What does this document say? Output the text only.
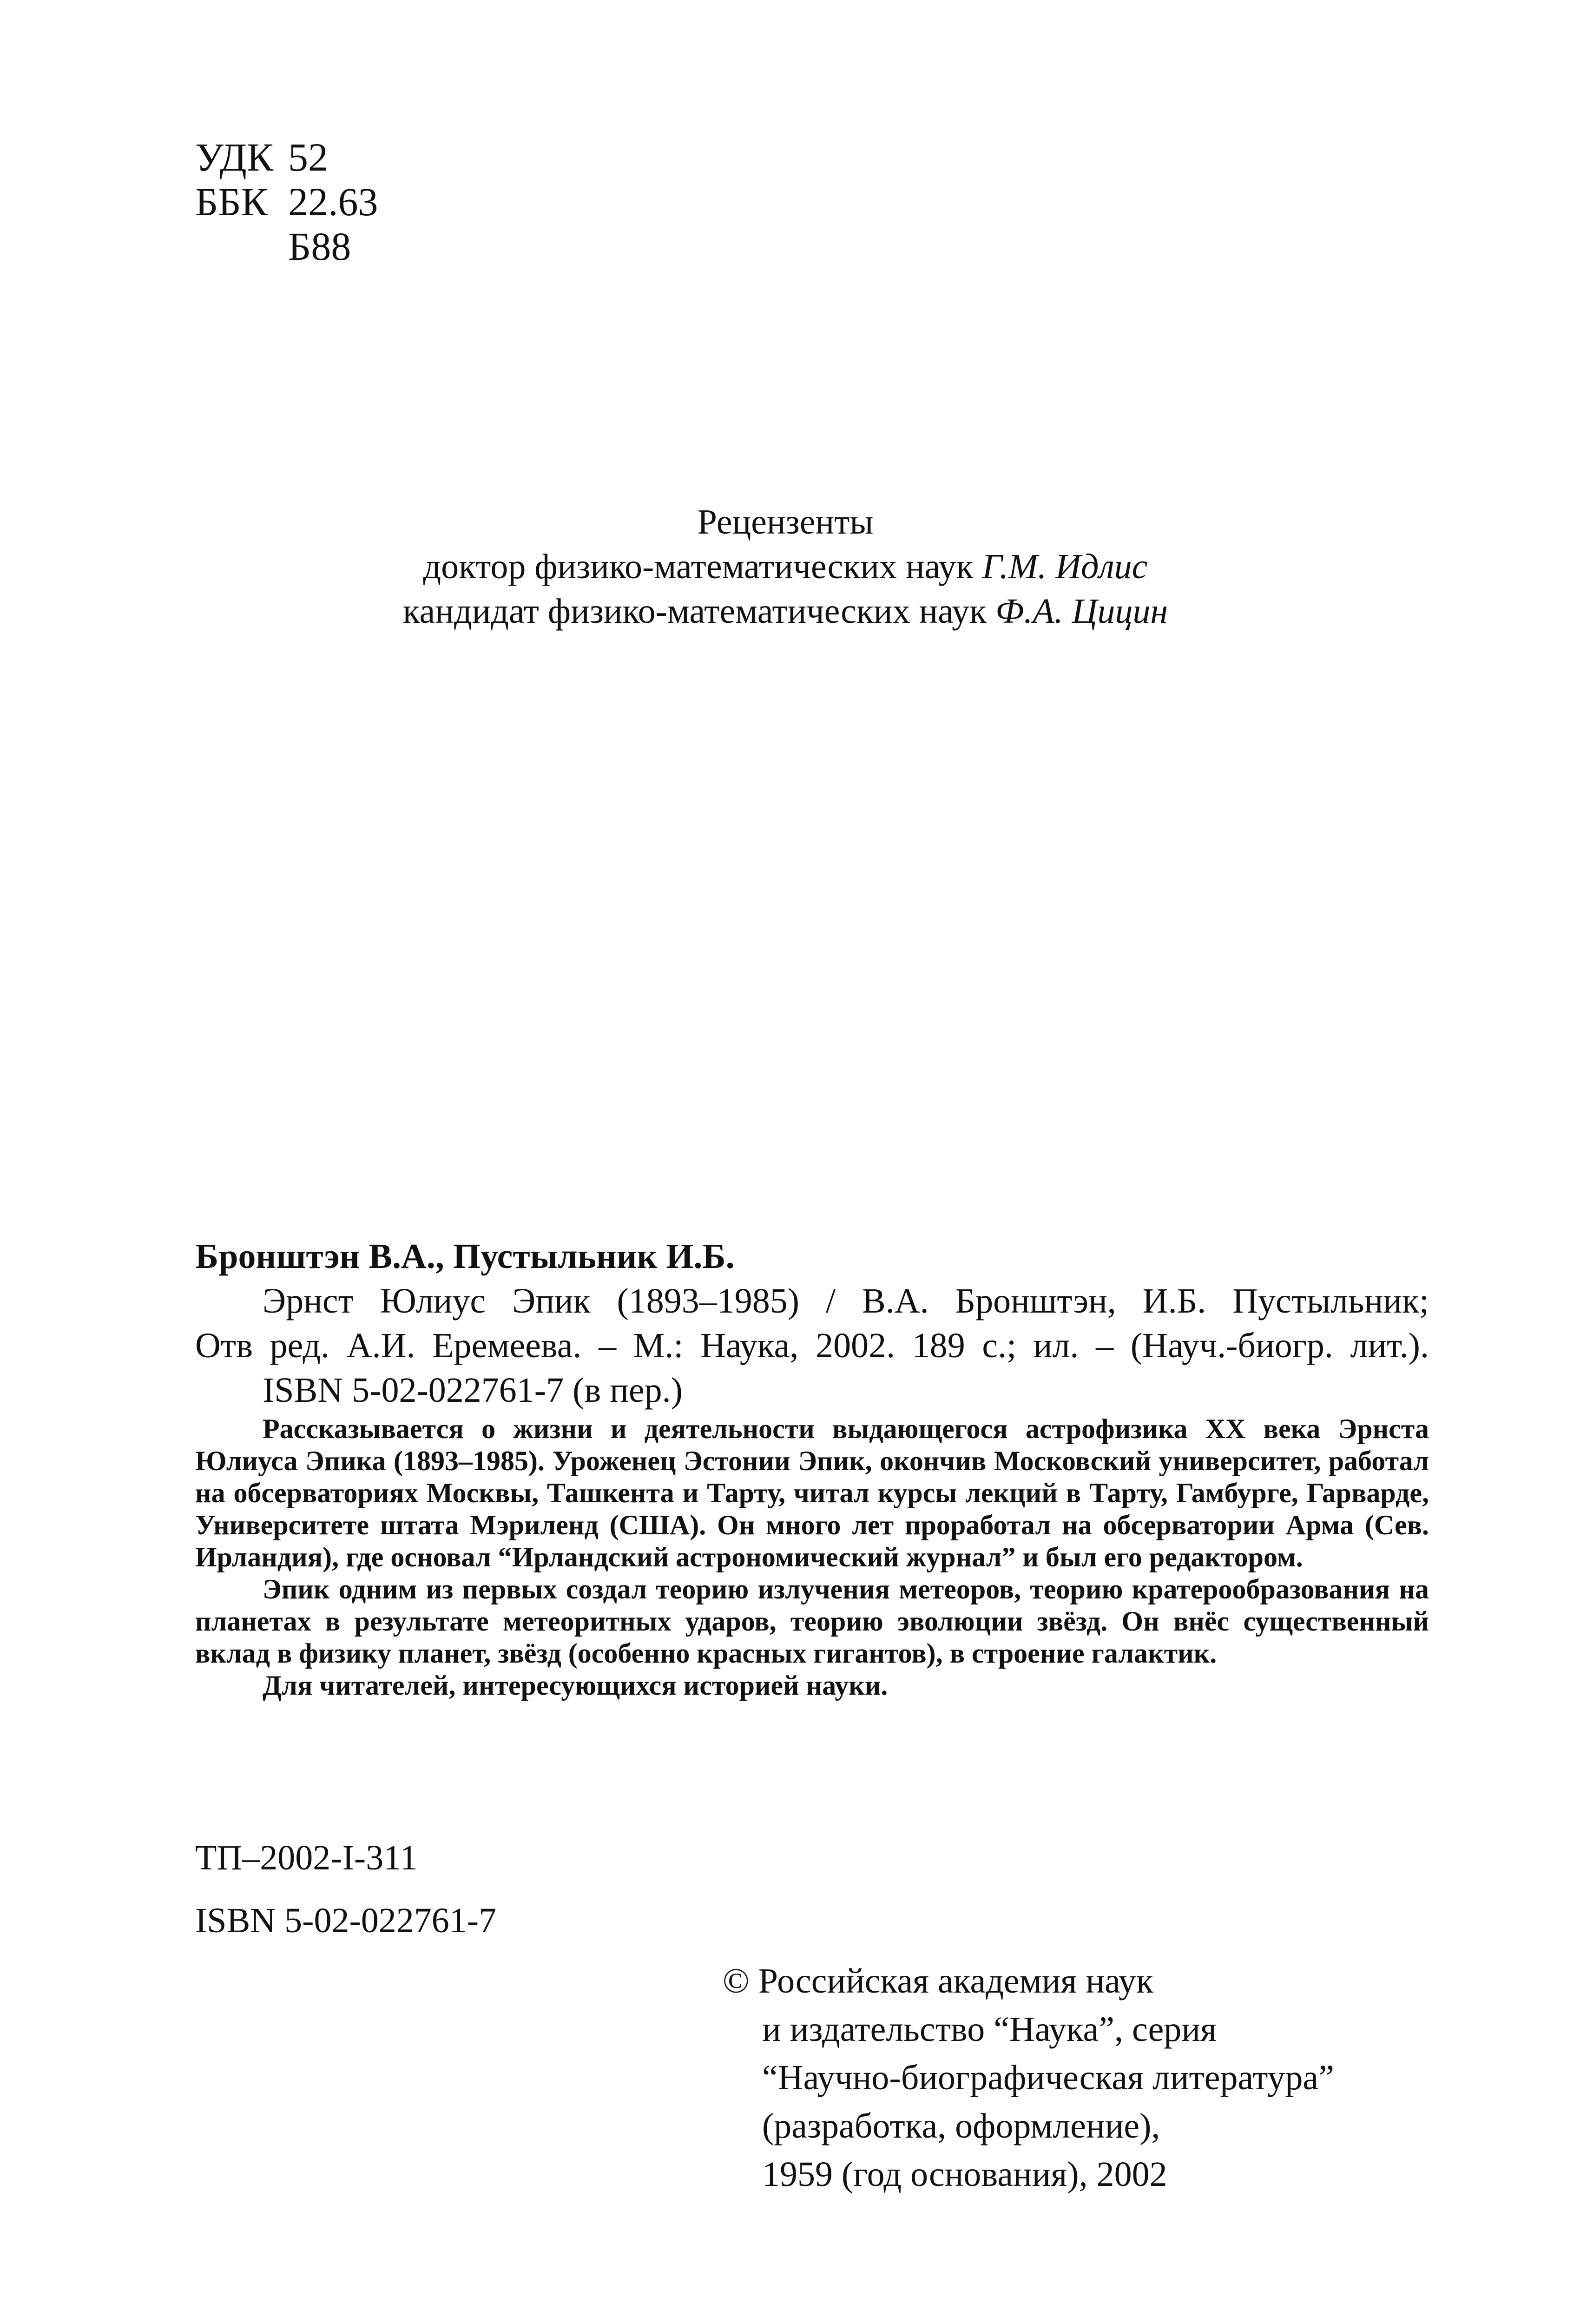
УДК 52
ББК 22.63
Б88
Рецензенты
доктор физико-математических наук Г.М. Идлис
кандидат физико-математических наук Ф.А. Цицин
Бронштэн В.А., Пустыльник И.Б.
Эрнст Юлиус Эпик (1893–1985) / В.А. Бронштэн, И.Б. Пустыльник;
Отв ред. А.И. Еремеева. – М.: Наука, 2002. 189 с.; ил. – (Науч.-биогр. лит.).
ISBN 5-02-022761-7 (в пер.)

Рассказывается о жизни и деятельности выдающегося астрофизика XX века Эрнста Юлиуса Эпика (1893–1985). Уроженец Эстонии Эпик, окончив Московский университет, работал на обсерваториях Москвы, Ташкента и Тарту, читал курсы лекций в Тарту, Гамбурге, Гарварде, Университете штата Мэриленд (США). Он много лет проработал на обсерватории Арма (Сев. Ирландия), где основал “Ирландский астрономический журнал” и был его редактором.

Эпик одним из первых создал теорию излучения метеоров, теорию кратерообразования на планетах в результате метеоритных ударов, теорию эволюции звёзд. Он внёс существенный вклад в физику планет, звёзд (особенно красных гигантов), в строение галактик.

Для читателей, интересующихся историей науки.

ТП–2002-I-311
ISBN 5-02-022761-7
© Российская академия наук
и издательство “Наука”, серия
“Научно-биографическая литература”
(разработка, оформление),
1959 (год основания), 2002
